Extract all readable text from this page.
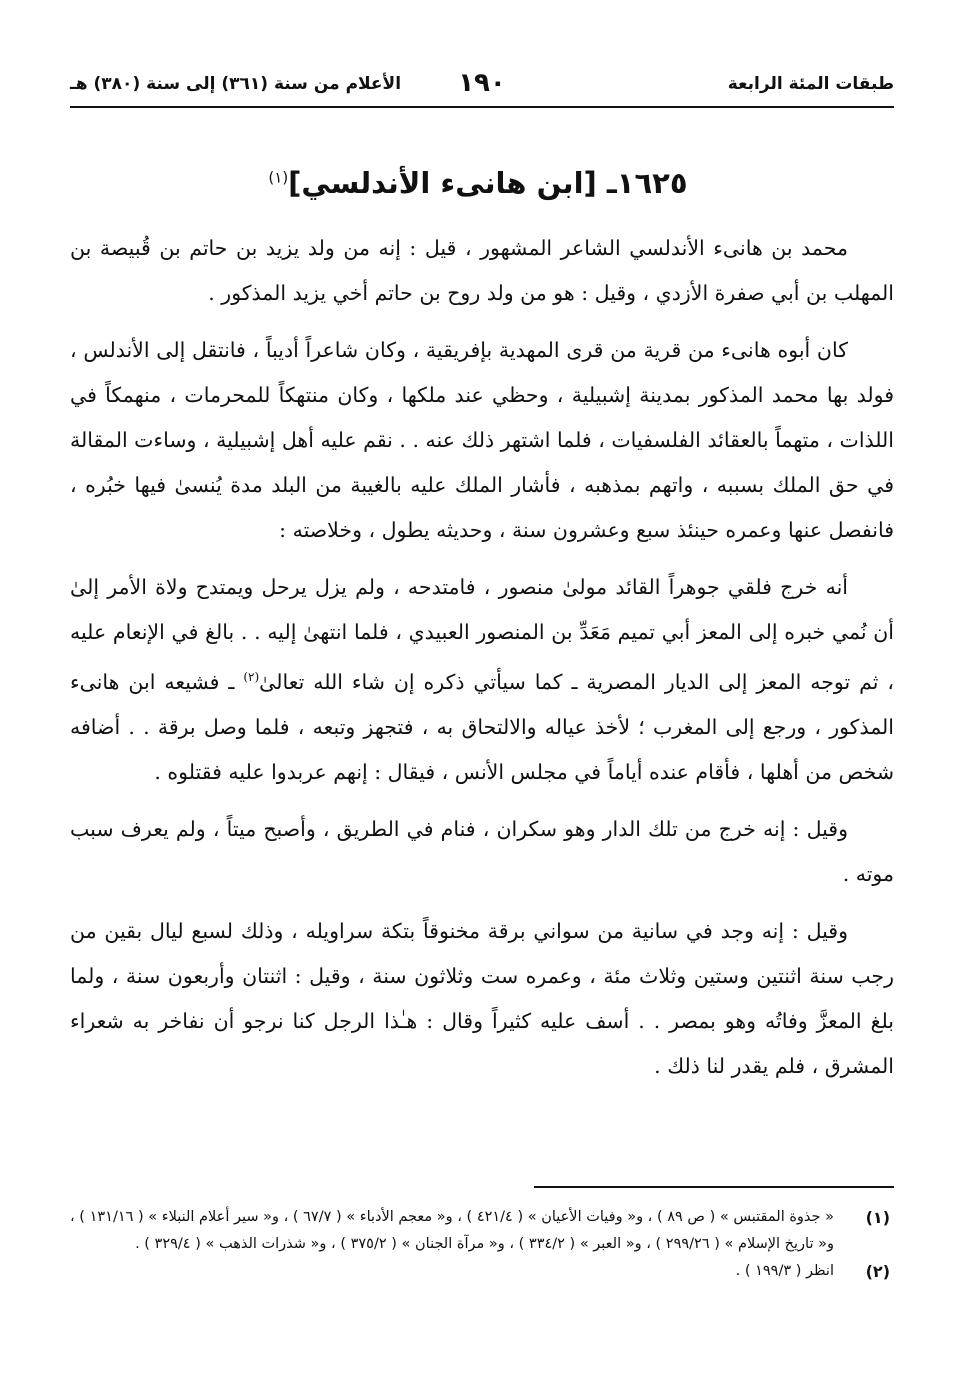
طبقات المئة الرابعة
١٩٠
الأعلام من سنة (٣٦١) إلى سنة (٣٨٠) هـ
١٦٢٥ـ [ابن هانىء الأندلسي]$^{(١)}$

محمد بن هانىء الأندلسي الشاعر المشهور ، قيل : إنه من ولد يزيد بن حاتم بن قُبيصة بن المهلب بن أبي صفرة الأزدي ، وقيل : هو من ولد روح بن حاتم أخي يزيد المذكور .

كان أبوه هانىء من قرية من قرى المهدية بإفريقية ، وكان شاعراً أديباً ، فانتقل إلى الأندلس ، فولد بها محمد المذكور بمدينة إشبيلية ، وحظي عند ملكها ، وكان منتهكاً للمحرمات ، منهمكاً في اللذات ، متهماً بالعقائد الفلسفيات ، فلما اشتهر ذلك عنه . . نقم عليه أهل إشبيلية ، وساءت المقالة في حق الملك بسببه ، واتهم بمذهبه ، فأشار الملك عليه بالغيبة من البلد مدة يُنسىٰ فيها خبُره ، فانفصل عنها وعمره حينئذ سبع وعشرون سنة ، وحديثه يطول ، وخلاصته :

أنه خرج فلقي جوهراً القائد مولىٰ منصور ، فامتدحه ، ولم يزل يرحل ويمتدح ولاة الأمر إلىٰ أن نُمي خبره إلى المعز أبي تميم مَعَدِّ بن المنصور العبيدي ، فلما انتهىٰ إليه . . بالغ في الإنعام عليه ، ثم توجه المعز إلى الديار المصرية ـ كما سيأتي ذكره إن شاء الله تعالىٰ$^{(٢)}$ ـ فشيعه ابن هانىء المذكور ، ورجع إلى المغرب ؛ لأخذ عياله والالتحاق به ، فتجهز وتبعه ، فلما وصل برقة . . أضافه شخص من أهلها ، فأقام عنده أياماً في مجلس الأنس ، فيقال : إنهم عربدوا عليه فقتلوه .

وقيل : إنه خرج من تلك الدار وهو سكران ، فنام في الطريق ، وأصبح ميتاً ، ولم يعرف سبب موته .

وقيل : إنه وجد في سانية من سواني برقة مخنوقاً بتكة سراويله ، وذلك لسبع ليال بقين من رجب سنة اثنتين وستين وثلاث مئة ، وعمره ست وثلاثون سنة ، وقيل : اثنتان وأربعون سنة ، ولما بلغ المعزَّ وفاتُه وهو بمصر . . أسف عليه كثيراً وقال : هـٰذا الرجل كنا نرجو أن نفاخر به شعراء المشرق ، فلم يقدر لنا ذلك .

(١)
« جذوة المقتبس » ( ص ٨٩ ) ، و« وفيات الأعيان » ( ٤٢١/٤ ) ، و« معجم الأدباء » ( ٦٧/٧ ) ، و« سير أعلام النبلاء » ( ١٣١/١٦ ) ، و« تاريخ الإسلام » ( ٢٩٩/٢٦ ) ، و« العبر » ( ٣٣٤/٢ ) ، و« مرآة الجنان » ( ٣٧٥/٢ ) ، و« شذرات الذهب » ( ٣٢٩/٤ ) .

(٢)
انظر ( ١٩٩/٣ ) .
